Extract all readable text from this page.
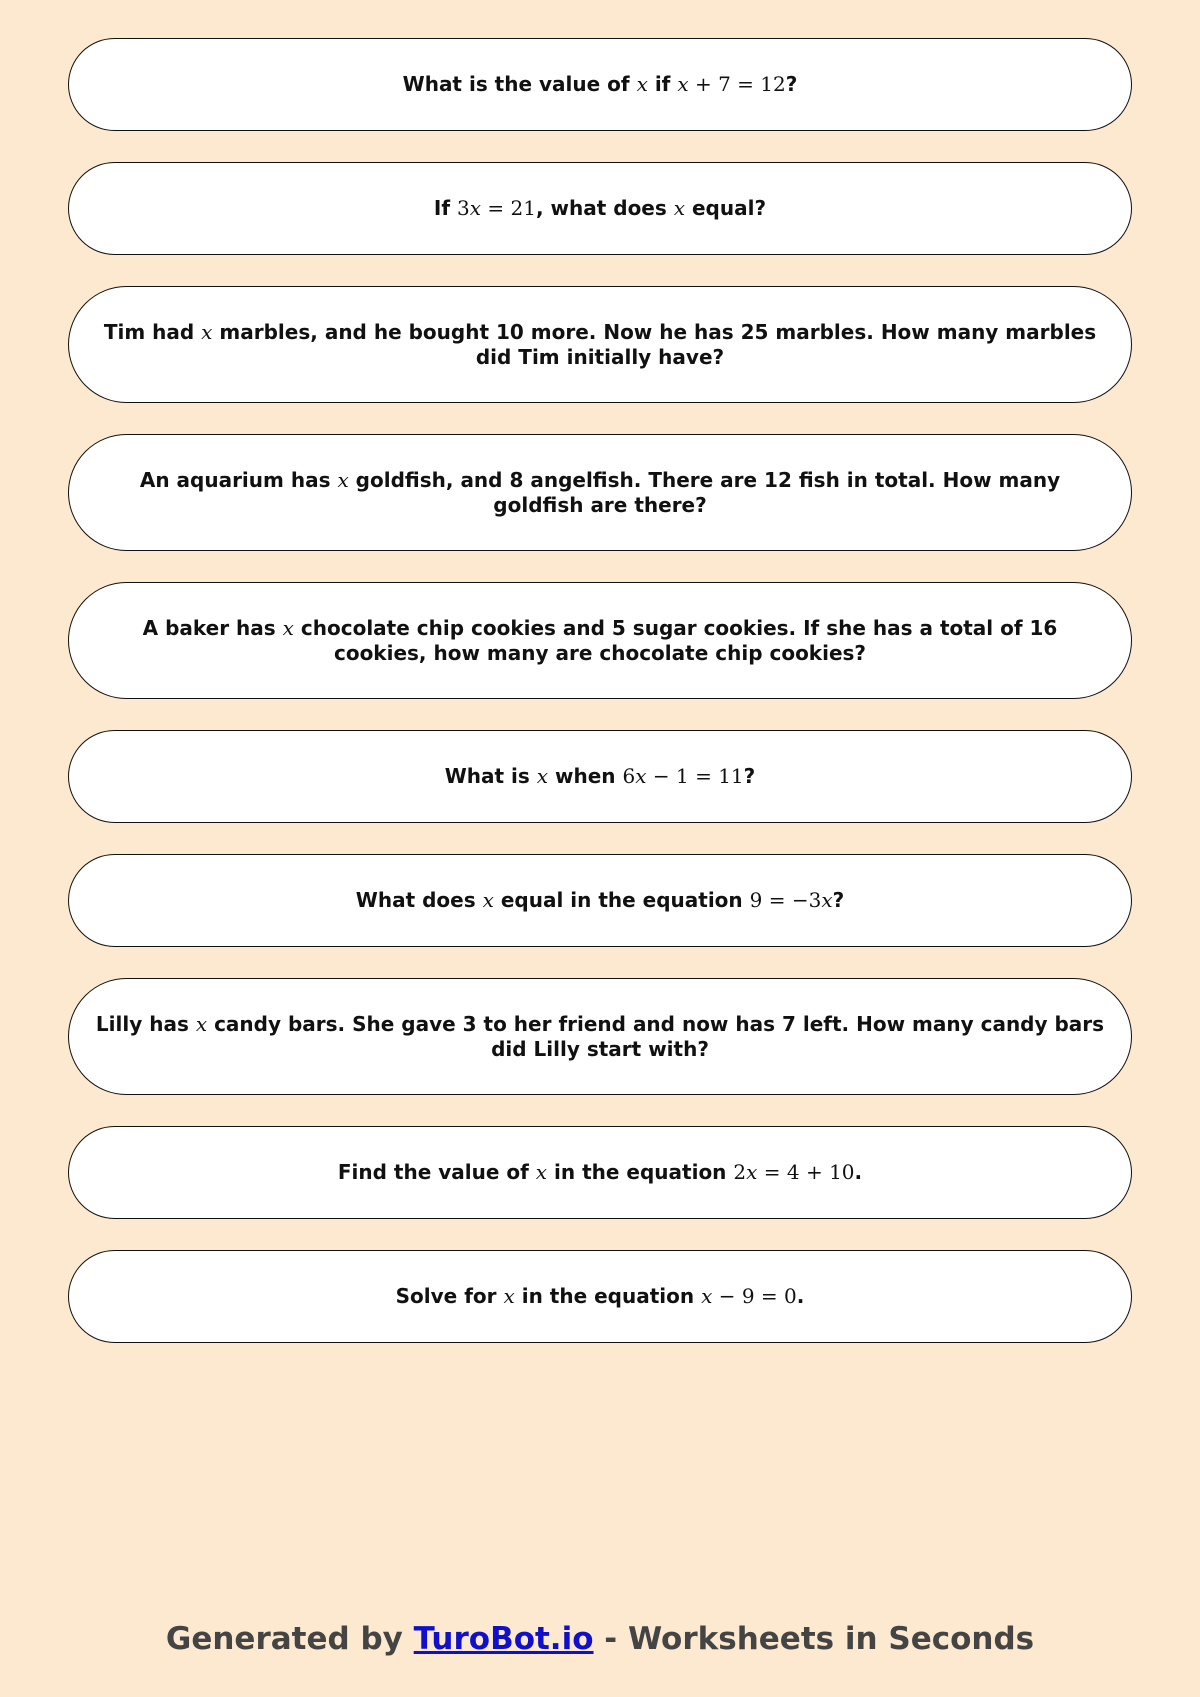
What is the value of x if x + 7 = 12?
If 3x = 21, what does x equal?
Tim had x marbles, and he bought 10 more. Now he has 25 marbles. How many marbles did Tim initially have?
An aquarium has x goldfish, and 8 angelfish. There are 12 fish in total. How many goldfish are there?
A baker has x chocolate chip cookies and 5 sugar cookies. If she has a total of 16 cookies, how many are chocolate chip cookies?
What is x when 6x − 1 = 11?
What does x equal in the equation 9 = −3x?
Lilly has x candy bars. She gave 3 to her friend and now has 7 left. How many candy bars did Lilly start with?
Find the value of x in the equation 2x = 4 + 10.
Solve for x in the equation x − 9 = 0.
Generated by TuroBot.io - Worksheets in Seconds
